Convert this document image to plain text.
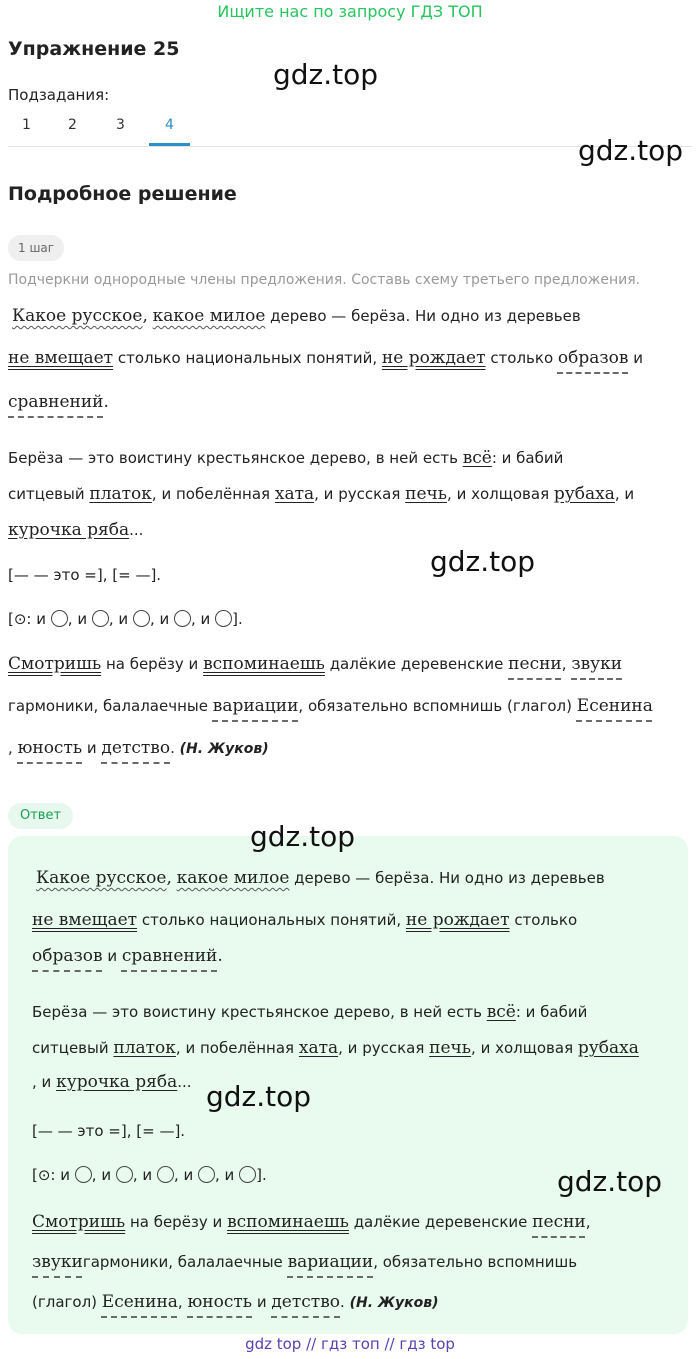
Ищите нас по запросу ГДЗ ТОП
Упражнение 25
gdz.top
Подзадания:
1	2	3	4
gdz.top
Подробное решение
1 шаг
Подчеркни однородные члены предложения. Составь схему третьего предложения.
Какое русское, какое милое дерево — берёза. Ни одно из деревьев
не вмещает столько национальных понятий, не рождает столько образов и
сравнений.
Берёза — это воистину крестьянское дерево, в ней есть всё: и бабий
ситцевый платок, и побелённая хата, и русская печь, и холщовая рубаха, и
курочка ряба...
[— — это =], [= —].
[⊙: и , и , и , и , и ].
Смотришь на берёзу и вспоминаешь далёкие деревенские песни, звуки
гармоники, балалаечные вариации, обязательно вспомнишь (глагол) Есенина
, юность и детство. (Н. Жуков)
gdz.top
Ответ
gdz.top
Какое русское, какое милое дерево — берёза. Ни одно из деревьев
не вмещает столько национальных понятий, не рождает столько
образов и сравнений.
Берёза — это воистину крестьянское дерево, в ней есть всё: и бабий
ситцевый платок, и побелённая хата, и русская печь, и холщовая рубаха
, и курочка ряба...
[— — это =], [= —].
[⊙: и , и , и , и , и ].
Смотришь на берёзу и вспоминаешь далёкие деревенские песни,
звукигармоники, балалаечные вариации, обязательно вспомнишь
(глагол) Есенина, юность и детство. (Н. Жуков)
gdz.top
gdz.top
gdz top // гдз топ // гдз top
